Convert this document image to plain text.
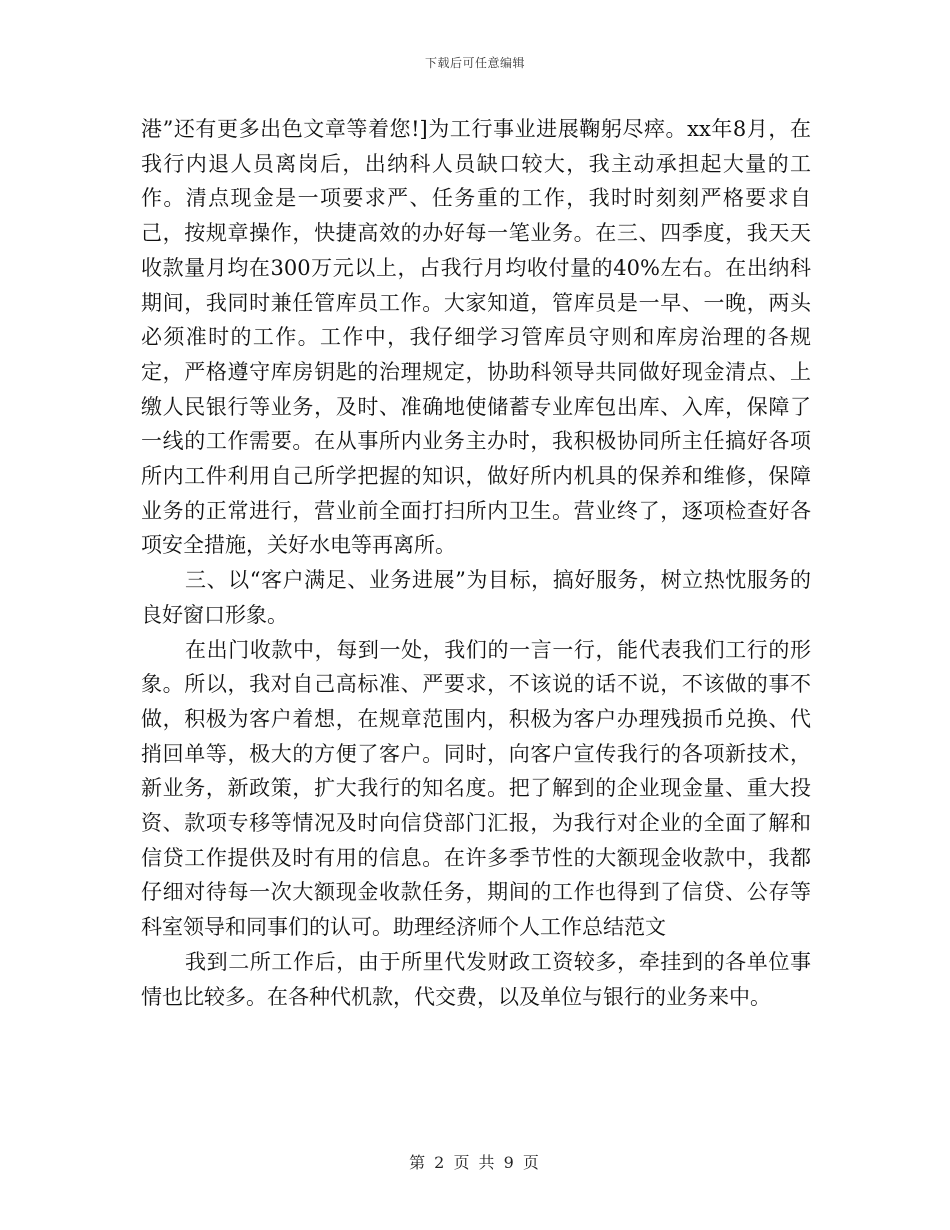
下载后可任意编辑

港”还有更多出色文章等着您!]为工行事业进展鞠躬尽瘁。xx年8月，在我行内退人员离岗后，出纳科人员缺口较大，我主动承担起大量的工作。清点现金是一项要求严、任务重的工作，我时时刻刻严格要求自己，按规章操作，快捷高效的办好每一笔业务。在三、四季度，我天天收款量月均在300万元以上，占我行月均收付量的40%左右。在出纳科期间，我同时兼任管库员工作。大家知道，管库员是一早、一晚，两头必须准时的工作。工作中，我仔细学习管库员守则和库房治理的各规定，严格遵守库房钥匙的治理规定，协助科领导共同做好现金清点、上缴人民银行等业务，及时、准确地使储蓄专业库包出库、入库，保障了一线的工作需要。在从事所内业务主办时，我积极协同所主任搞好各项所内工件利用自己所学把握的知识，做好所内机具的保养和维修，保障业务的正常进行，营业前全面打扫所内卫生。营业终了，逐项检查好各项安全措施，关好水电等再离所。

三、以“客户满足、业务进展”为目标，搞好服务，树立热忱服务的良好窗口形象。

在出门收款中，每到一处，我们的一言一行，能代表我们工行的形象。所以，我对自己高标准、严要求，不该说的话不说，不该做的事不做，积极为客户着想，在规章范围内，积极为客户办理残损币兑换、代捎回单等，极大的方便了客户。同时，向客户宣传我行的各项新技术，新业务，新政策，扩大我行的知名度。把了解到的企业现金量、重大投资、款项专移等情况及时向信贷部门汇报，为我行对企业的全面了解和信贷工作提供及时有用的信息。在许多季节性的大额现金收款中，我都仔细对待每一次大额现金收款任务，期间的工作也得到了信贷、公存等科室领导和同事们的认可。助理经济师个人工作总结范文

我到二所工作后，由于所里代发财政工资较多，牵挂到的各单位事情也比较多。在各种代机款，代交费，以及单位与银行的业务来中。

第 2 页 共 9 页
